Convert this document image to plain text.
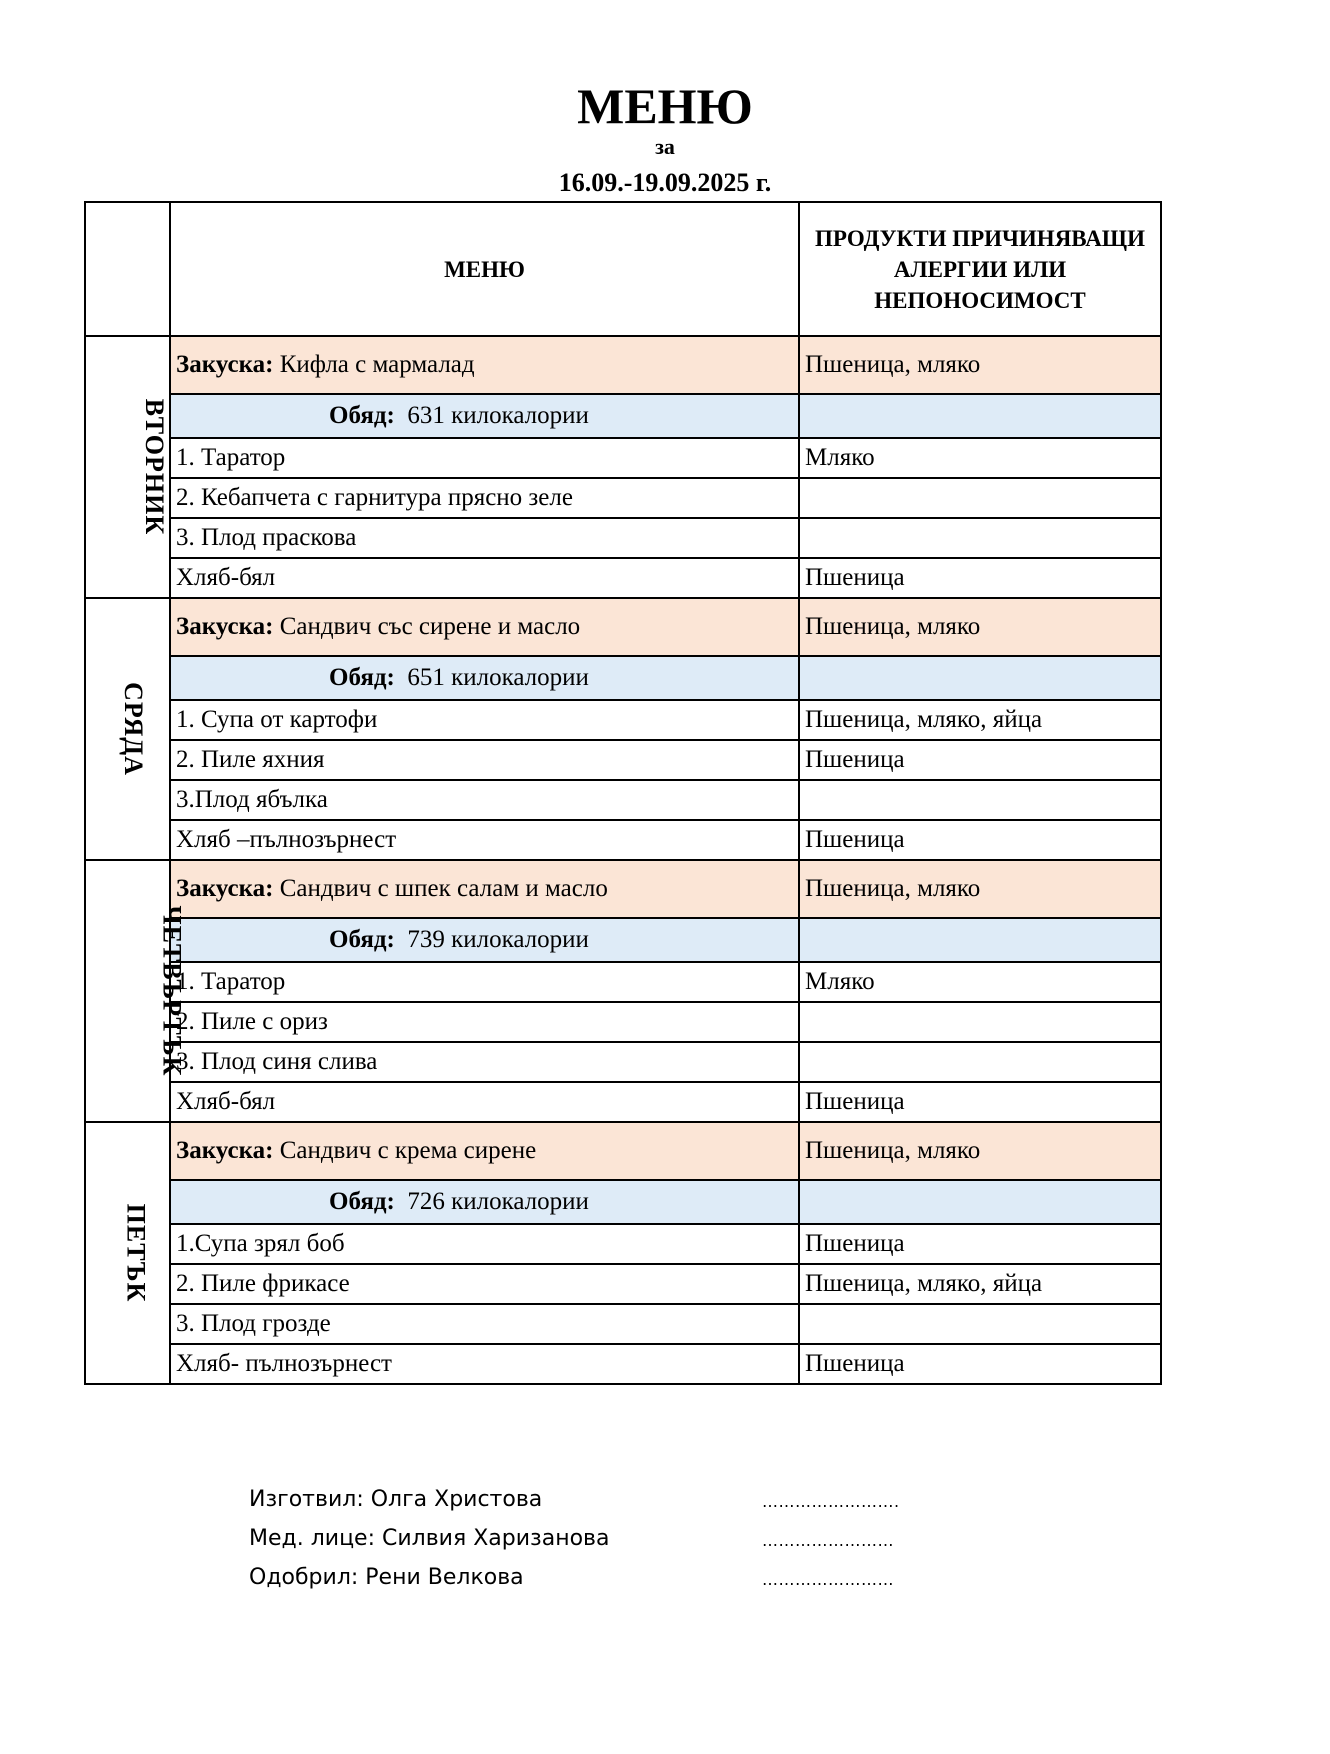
МЕНЮ
за
16.09.-19.09.2025 г.
	МЕНЮ	ПРОДУКТИ ПРИЧИНЯВАЩИ АЛЕРГИИ ИЛИ НЕПОНОСИМОСТ
ВТОРНИК	Закуска: Кифла с мармалад	Пшеница, мляко
	Обяд: 631 килокалории	
	1. Таратор	Мляко
	2. Кебапчета с гарнитура прясно зеле	
	3. Плод праскова	
	Хляб-бял	Пшеница
СРЯДА	Закуска: Сандвич със сирене и масло	Пшеница, мляко
	Обяд: 651 килокалории	
	1. Супа от картофи	Пшеница, мляко, яйца
	2. Пиле яхния	Пшеница
	3.Плод ябълка	
	Хляб –пълнозърнест	Пшеница
ЧЕТВЪРТЪК	Закуска: Сандвич с шпек салам и масло	Пшеница, мляко
	Обяд: 739 килокалории	
	1. Таратор	Мляко
	2. Пиле с ориз	
	3. Плод синя слива	
	Хляб-бял	Пшеница
ПЕТЪК	Закуска: Сандвич с крема сирене	Пшеница, мляко
	Обяд: 726 килокалории	
	1.Супа зрял боб	Пшеница
	2. Пиле фрикасе	Пшеница, мляко, яйца
	3. Плод грозде	
	Хляб- пълнозърнест	Пшеница
Изготвил: Олга Христова	…………………….
Мед. лице: Силвия Харизанова	……………………
Одобрил: Рени Велкова	……………………
